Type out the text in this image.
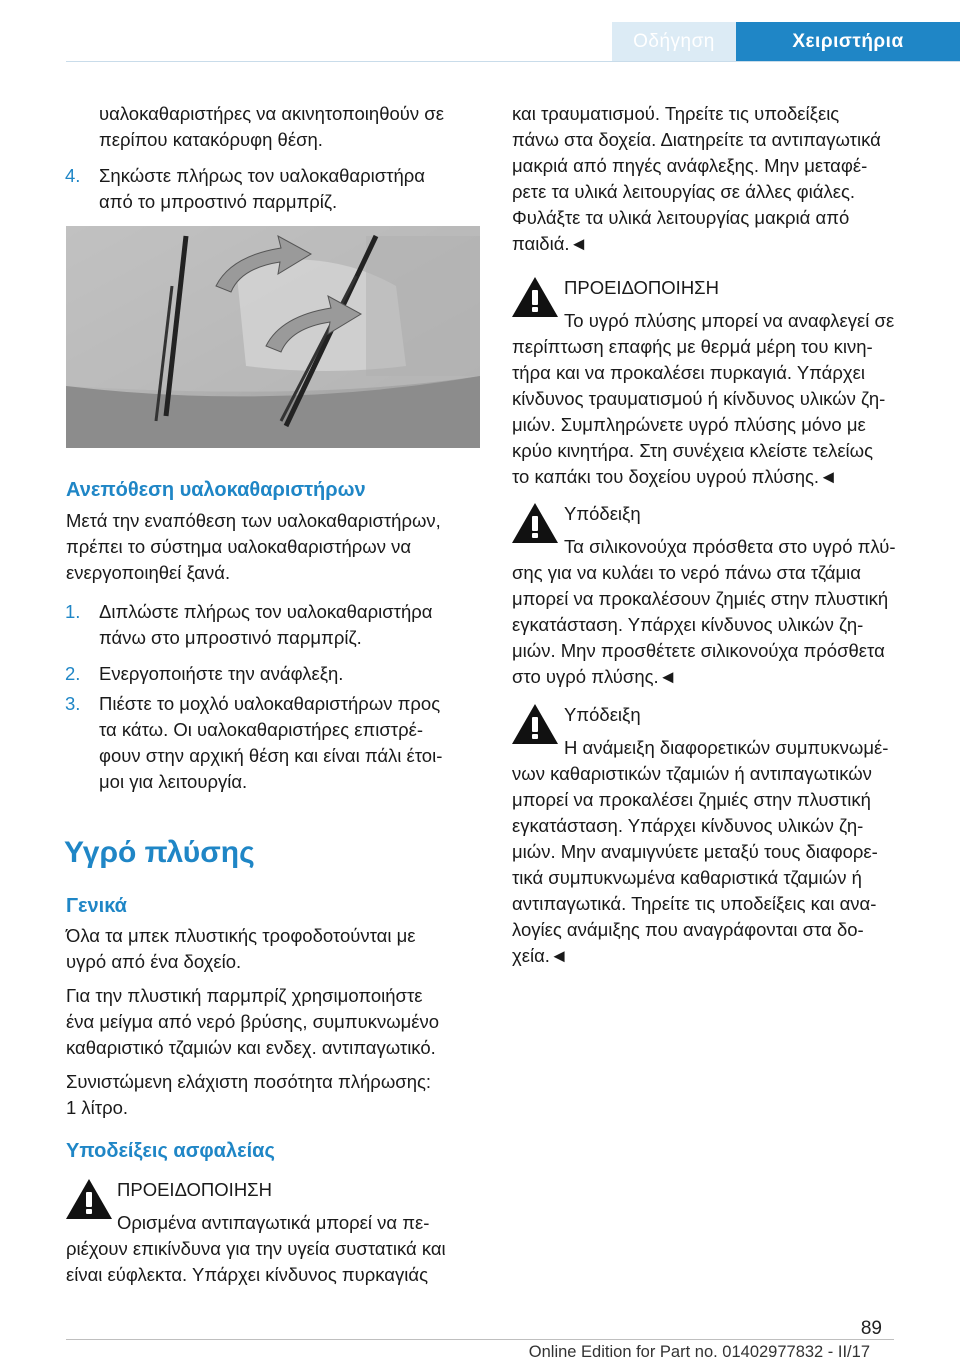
Οδήγηση	Χειριστήρια

υαλοκαθαριστήρες να ακινητοποιηθούν σε

περίπου κατακόρυφη θέση.

4. Σηκώστε πλήρως τον υαλοκαθαριστήρα
από το μπροστινό παρμπρίζ.
Ανεπόθεση υαλοκαθαριστήρων

Μετά την εναπόθεση των υαλοκαθαριστήρων,

πρέπει το σύστημα υαλοκαθαριστήρων να

ενεργοποιηθεί ξανά.

1. Διπλώστε πλήρως τον υαλοκαθαριστήρα
πάνω στο μπροστινό παρμπρίζ.
2. Ενεργοποιήστε την ανάφλεξη.
3. Πιέστε το μοχλό υαλοκαθαριστήρων προς
τα κάτω. Οι υαλοκαθαριστήρες επιστρέ-
φουν στην αρχική θέση και είναι πάλι έτοι-
μοι για λειτουργία.
Υγρό πλύσης
Γενικά

Όλα τα μπεκ πλυστικής τροφοδοτούνται με

υγρό από ένα δοχείο.

Για την πλυστική παρμπρίζ χρησιμοποιήστε

ένα μείγμα από νερό βρύσης, συμπυκνωμένο

καθαριστικό τζαμιών και ενδεχ. αντιπαγωτικό.

Συνιστώμενη ελάχιστη ποσότητα πλήρωσης:

1 λίτρο.

Υποδείξεις ασφαλείας

ΠΡΟΕΙΔΟΠΟΙΗΣΗ

Ορισμένα αντιπαγωτικά μπορεί να πε-

ριέχουν επικίνδυνα για την υγεία συστατικά και

είναι εύφλεκτα. Υπάρχει κίνδυνος πυρκαγιάς

και τραυματισμού. Τηρείτε τις υποδείξεις

πάνω στα δοχεία. Διατηρείτε τα αντιπαγωτικά

μακριά από πηγές ανάφλεξης. Μην μεταφέ-

ρετε τα υλικά λειτουργίας σε άλλες φιάλες.

Φυλάξτε τα υλικά λειτουργίας μακριά από

παιδιά.◄

ΠΡΟΕΙΔΟΠΟΙΗΣΗ

Το υγρό πλύσης μπορεί να αναφλεγεί σε

περίπτωση επαφής με θερμά μέρη του κινη-

τήρα και να προκαλέσει πυρκαγιά. Υπάρχει

κίνδυνος τραυματισμού ή κίνδυνος υλικών ζη-

μιών. Συμπληρώνετε υγρό πλύσης μόνο με

κρύο κινητήρα. Στη συνέχεια κλείστε τελείως

το καπάκι του δοχείου υγρού πλύσης.◄

Υπόδειξη

Τα σιλικονούχα πρόσθετα στο υγρό πλύ-

σης για να κυλάει το νερό πάνω στα τζάμια

μπορεί να προκαλέσουν ζημιές στην πλυστική

εγκατάσταση. Υπάρχει κίνδυνος υλικών ζη-

μιών. Μην προσθέτετε σιλικονούχα πρόσθετα

στο υγρό πλύσης.◄

Υπόδειξη

Η ανάμειξη διαφορετικών συμπυκνωμέ-

νων καθαριστικών τζαμιών ή αντιπαγωτικών

μπορεί να προκαλέσει ζημιές στην πλυστική

εγκατάσταση. Υπάρχει κίνδυνος υλικών ζη-

μιών. Μην αναμιγνύετε μεταξύ τους διαφορε-

τικά συμπυκνωμένα καθαριστικά τζαμιών ή

αντιπαγωτικά. Τηρείτε τις υποδείξεις και ανα-

λογίες ανάμιξης που αναγράφονται στα δο-

χεία.◄

89
Online Edition for Part no. 01402977832 - II/17
